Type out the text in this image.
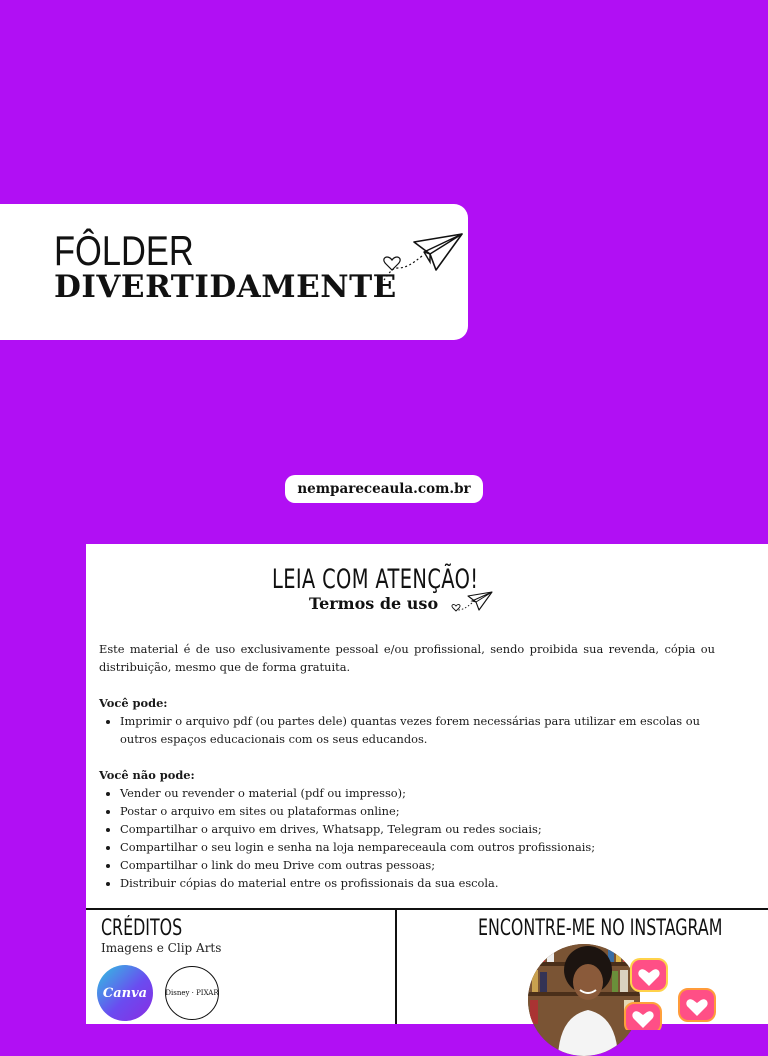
FÔLDER
DIVERTIDAMENTE
nempareceaula.com.br
LEIA COM ATENÇÃO!
Termos de uso

Este material é de uso exclusivamente pessoal e/ou profissional, sendo proibida sua revenda, cópia ou distribuição, mesmo que de forma gratuita.

Você pode:

• Imprimir o arquivo pdf (ou partes dele) quantas vezes forem necessárias para utilizar em escolas ou outros espaços educacionais com os seus educandos.

Você não pode:

• Vender ou revender o material (pdf ou impresso);
• Postar o arquivo em sites ou plataformas online;
• Compartilhar o arquivo em drives, Whatsapp, Telegram ou redes sociais;
• Compartilhar o seu login e senha na loja nempareceaula com outros profissionais;
• Compartilhar o link do meu Drive com outras pessoas;
• Distribuir cópias do material entre os profissionais da sua escola.
CRÉDITOS
Imagens e Clip Arts
Canva	Disney · PIXAR
ENCONTRE-ME NO INSTAGRAM
